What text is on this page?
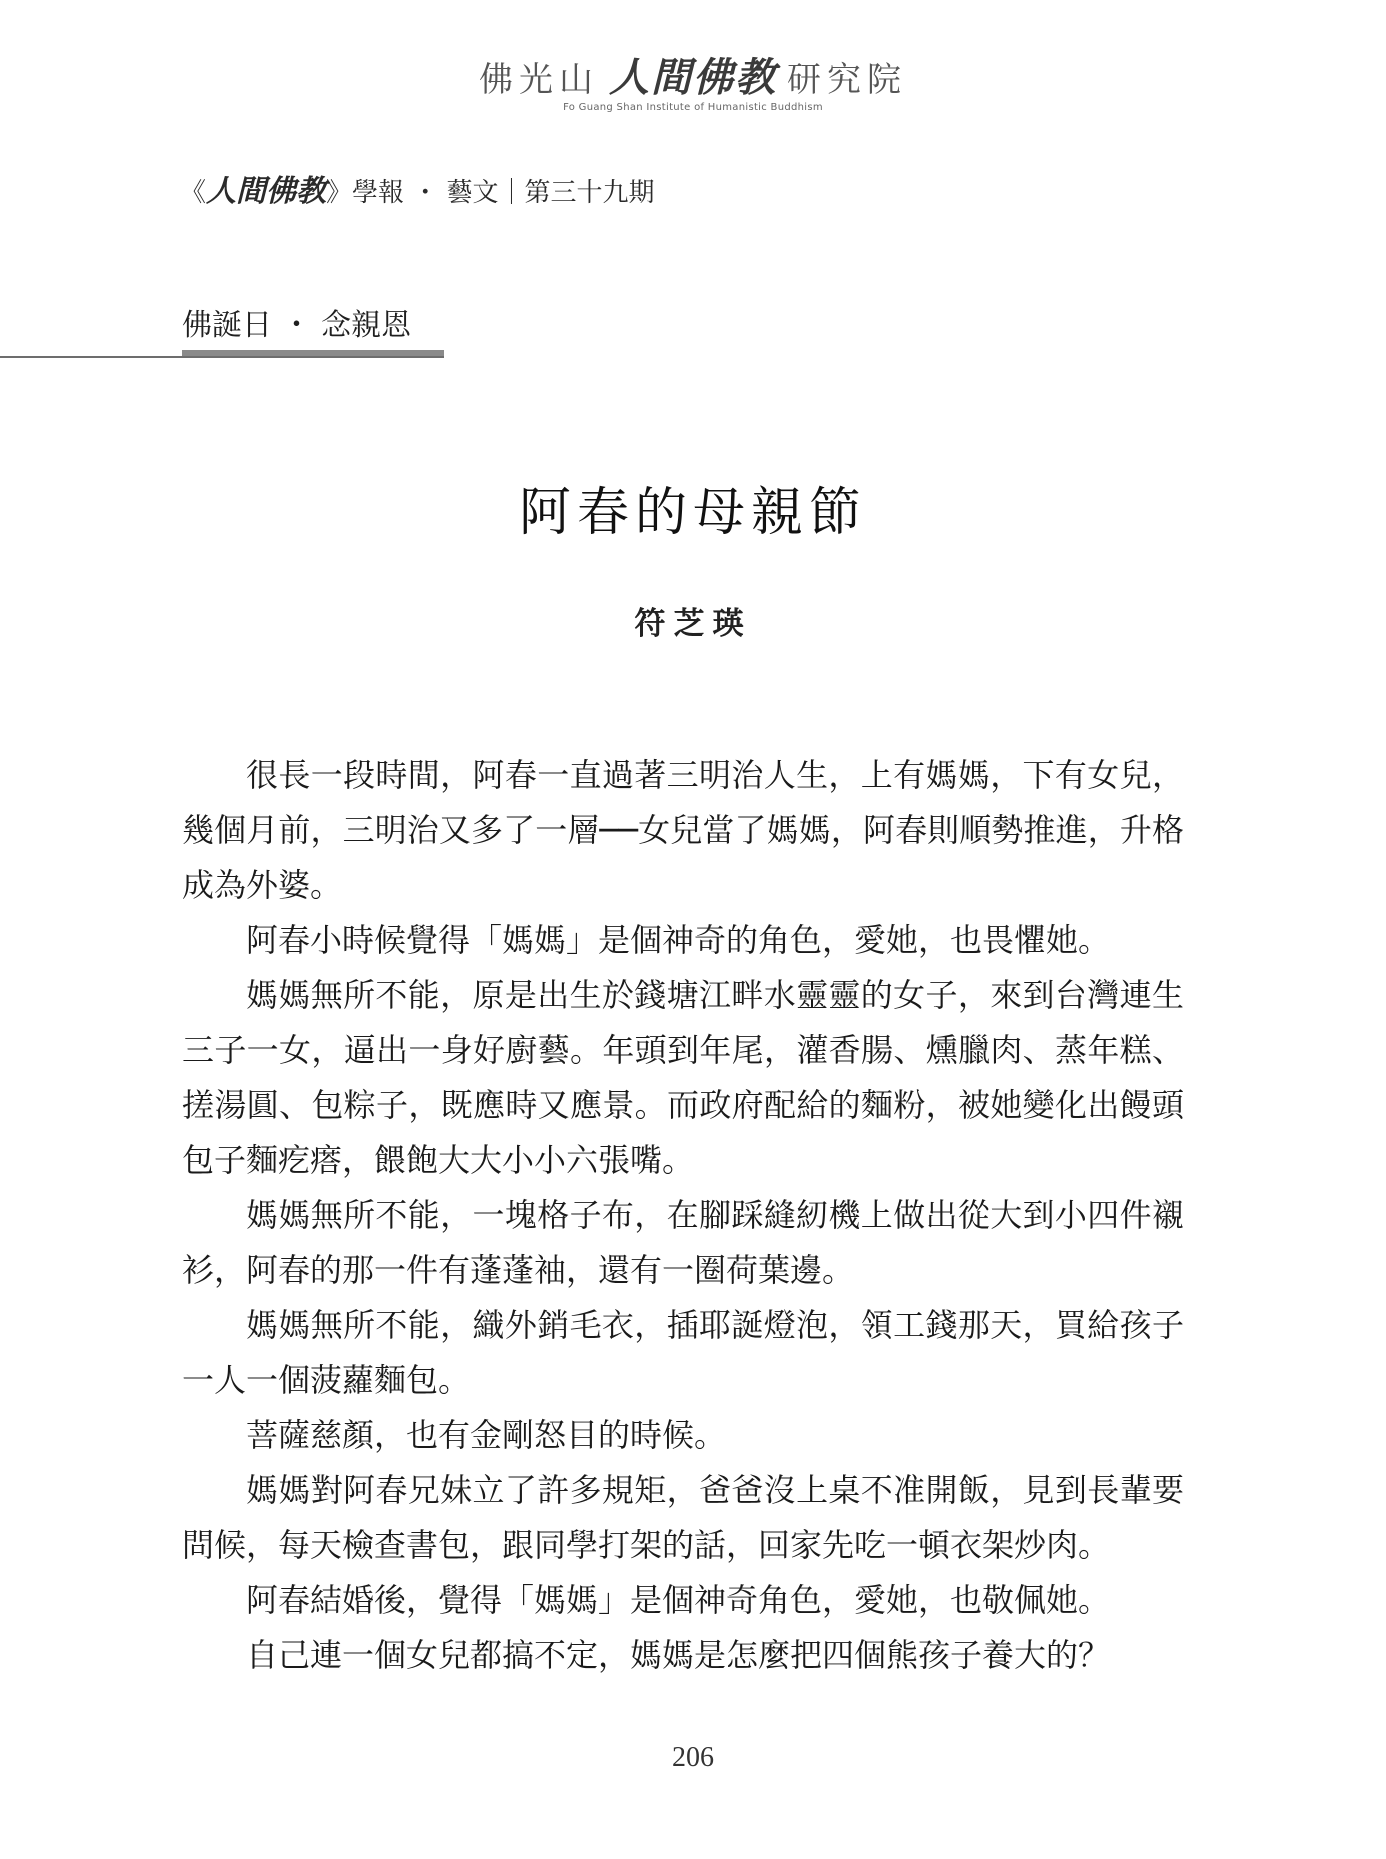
佛光山 人間佛教 研究院
Fo Guang Shan Institute of Humanistic Buddhism
《人間佛教》學報 ・ 藝文｜第三十九期
佛誕日 ・ 念親恩
阿春的母親節
符芝瑛

很長一段時間，阿春一直過著三明治人生，上有媽媽，下有女兒，幾個月前，三明治又多了一層──女兒當了媽媽，阿春則順勢推進，升格成為外婆。

阿春小時候覺得「媽媽」是個神奇的角色，愛她，也畏懼她。

媽媽無所不能，原是出生於錢塘江畔水靈靈的女子，來到台灣連生三子一女，逼出一身好廚藝。年頭到年尾，灌香腸、燻臘肉、蒸年糕、搓湯圓、包粽子，既應時又應景。而政府配給的麵粉，被她變化出饅頭包子麵疙瘩，餵飽大大小小六張嘴。

媽媽無所不能，一塊格子布，在腳踩縫紉機上做出從大到小四件襯衫，阿春的那一件有蓬蓬袖，還有一圈荷葉邊。

媽媽無所不能，織外銷毛衣，插耶誕燈泡，領工錢那天，買給孩子一人一個菠蘿麵包。

菩薩慈顏，也有金剛怒目的時候。

媽媽對阿春兄妹立了許多規矩，爸爸沒上桌不准開飯，見到長輩要問候，每天檢查書包，跟同學打架的話，回家先吃一頓衣架炒肉。

阿春結婚後，覺得「媽媽」是個神奇角色，愛她，也敬佩她。

自己連一個女兒都搞不定，媽媽是怎麼把四個熊孩子養大的？

206
